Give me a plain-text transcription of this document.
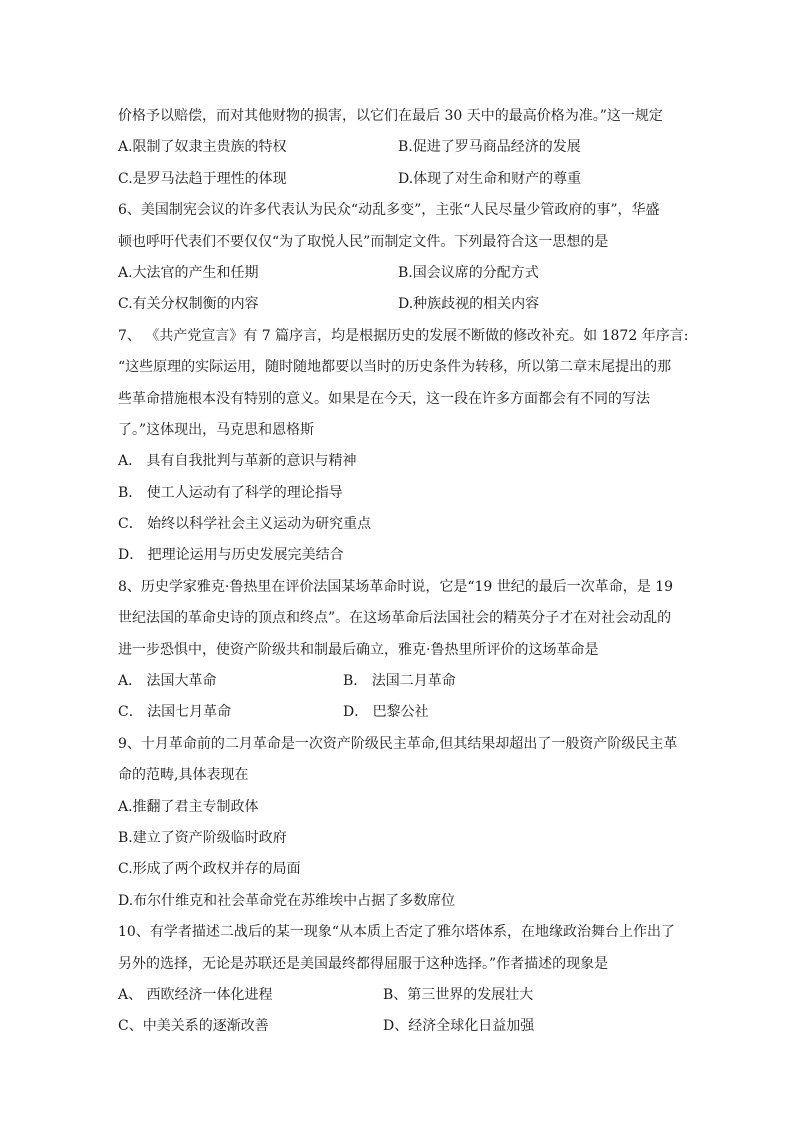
价格予以赔偿，而对其他财物的损害，以它们在最后 30 天中的最高价格为准。”这一规定
A.限制了奴隶主贵族的特权	B.促进了罗马商品经济的发展
C.是罗马法趋于理性的体现	D.体现了对生命和财产的尊重
6、美国制宪会议的许多代表认为民众“动乱多变”，主张“人民尽量少管政府的事”，华盛
顿也呼吁代表们不要仅仅“为了取悦人民”而制定文件。下列最符合这一思想的是
A.大法官的产生和任期	B.国会议席的分配方式
C.有关分权制衡的内容	D.种族歧视的相关内容
7、 《共产党宣言》有 7 篇序言，均是根据历史的发展不断做的修改补充。如 1872 年序言:
“这些原理的实际运用，随时随地都要以当时的历史条件为转移，所以第二章末尾提出的那
些革命措施根本没有特别的意义。如果是在今天，这一段在许多方面都会有不同的写法
了。”这体现出，马克思和恩格斯
A． 具有自我批判与革新的意识与精神
B． 使工人运动有了科学的理论指导
C． 始终以科学社会主义运动为研究重点
D． 把理论运用与历史发展完美结合
8、历史学家雅克·鲁热里在评价法国某场革命时说，它是“19 世纪的最后一次革命，是 19
世纪法国的革命史诗的顶点和终点”。在这场革命后法国社会的精英分子才在对社会动乱的
进一步恐惧中，使资产阶级共和制最后确立，雅克·鲁热里所评价的这场革命是
A． 法国大革命	B． 法国二月革命
C． 法国七月革命	D． 巴黎公社
9、十月革命前的二月革命是一次资产阶级民主革命,但其结果却超出了一般资产阶级民主革
命的范畴,具体表现在
A.推翻了君主专制政体
B.建立了资产阶级临时政府
C.形成了两个政权并存的局面
D.布尔什维克和社会革命党在苏维埃中占据了多数席位
10、有学者描述二战后的某一现象“从本质上否定了雅尔塔体系，在地缘政治舞台上作出了
另外的选择，无论是苏联还是美国最终都得屈服于这种选择。”作者描述的现象是
A、 西欧经济一体化进程	B、第三世界的发展壮大
C、中美关系的逐渐改善	D、经济全球化日益加强
